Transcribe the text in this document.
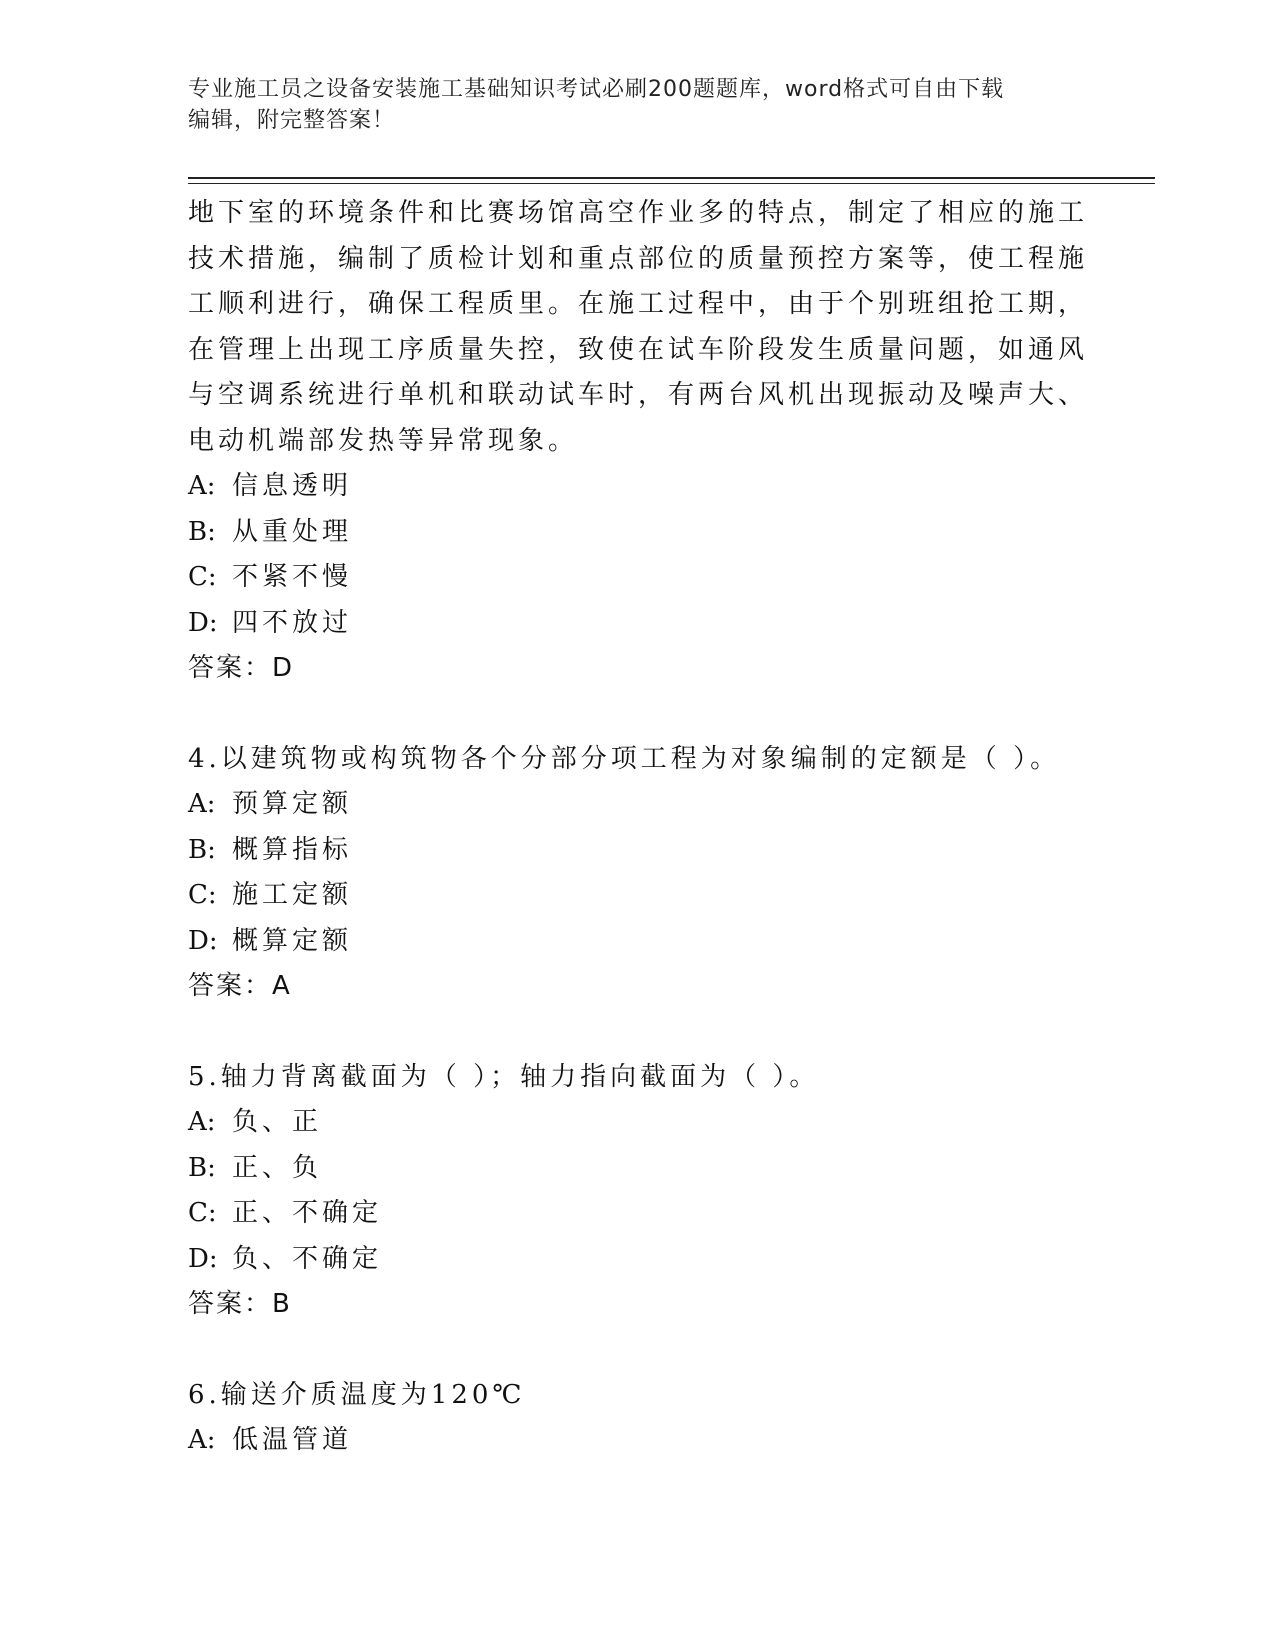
专业施工员之设备安装施工基础知识考试必刷200题题库，word格式可自由下载
编辑，附完整答案！

地下室的环境条件和比赛场馆高空作业多的特点，制定了相应的施工

技术措施，编制了质检计划和重点部位的质量预控方案等，使工程施

工顺利进行，确保工程质里。在施工过程中，由于个别班组抢工期，

在管理上出现工序质量失控，致使在试车阶段发生质量问题，如通风

与空调系统进行单机和联动试车时，有两台风机出现振动及噪声大、

电动机端部发热等异常现象。

A: 信息透明

B: 从重处理

C: 不紧不慢

D: 四不放过

答案：D

4.以建筑物或构筑物各个分部分项工程为对象编制的定额是（ ）。

A: 预算定额

B: 概算指标

C: 施工定额

D: 概算定额

答案：A

5.轴力背离截面为（ ）；轴力指向截面为（ ）。

A: 负、正

B: 正、负

C: 正、不确定

D: 负、不确定

答案：B

6.输送介质温度为120℃

A: 低温管道
